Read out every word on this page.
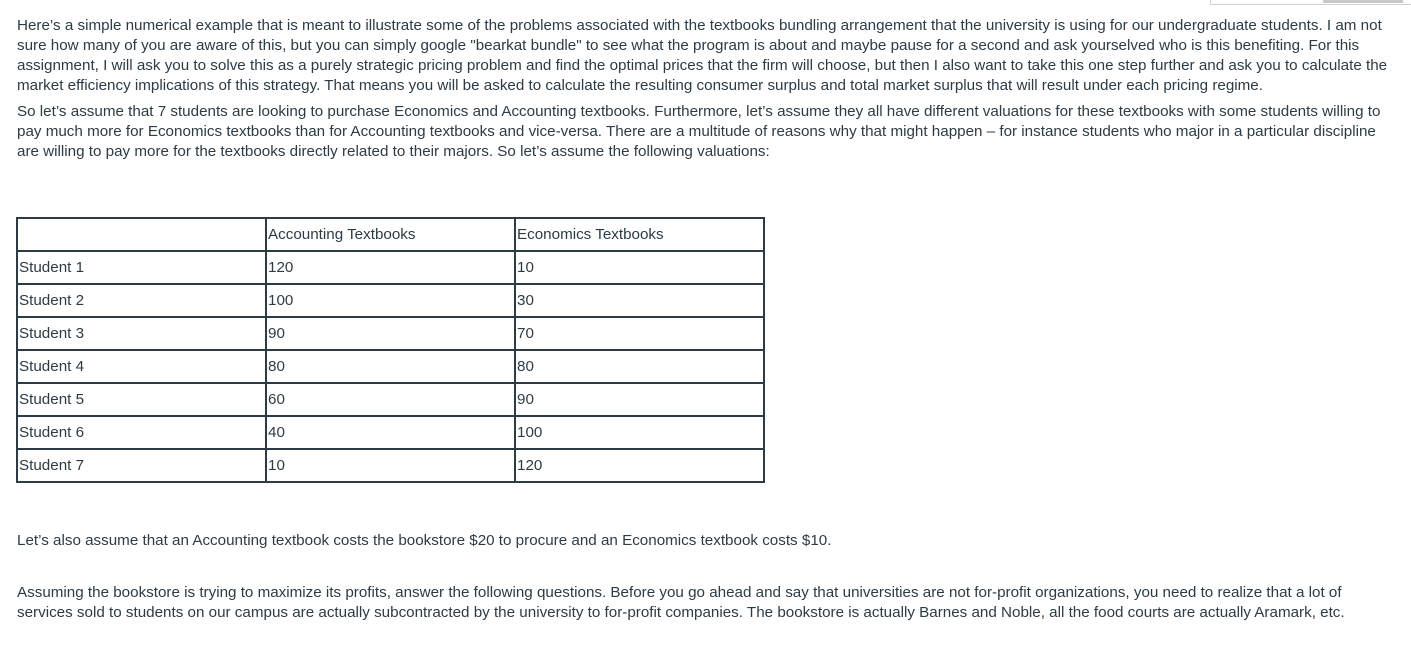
Here’s a simple numerical example that is meant to illustrate some of the problems associated with the textbooks bundling arrangement that the university is using for our undergraduate students. I am not sure how many of you are aware of this, but you can simply google "bearkat bundle" to see what the program is about and maybe pause for a second and ask yourselved who is this benefiting. For this assignment, I will ask you to solve this as a purely strategic pricing problem and find the optimal prices that the firm will choose, but then I also want to take this one step further and ask you to calculate the market efficiency implications of this strategy. That means you will be asked to calculate the resulting consumer surplus and total market surplus that will result under each pricing regime.

So let’s assume that 7 students are looking to purchase Economics and Accounting textbooks. Furthermore, let’s assume they all have different valuations for these textbooks with some students willing to pay much more for Economics textbooks than for Accounting textbooks and vice-versa. There are a multitude of reasons why that might happen – for instance students who major in a particular discipline are willing to pay more for the textbooks directly related to their majors. So let’s assume the following valuations:

	Accounting Textbooks	Economics Textbooks
Student 1	120	10
Student 2	100	30
Student 3	90	70
Student 4	80	80
Student 5	60	90
Student 6	40	100
Student 7	10	120

Let’s also assume that an Accounting textbook costs the bookstore $20 to procure and an Economics textbook costs $10.

Assuming the bookstore is trying to maximize its profits, answer the following questions. Before you go ahead and say that universities are not for-profit organizations, you need to realize that a lot of services sold to students on our campus are actually subcontracted by the university to for-profit companies. The bookstore is actually Barnes and Noble, all the food courts are actually Aramark, etc.
